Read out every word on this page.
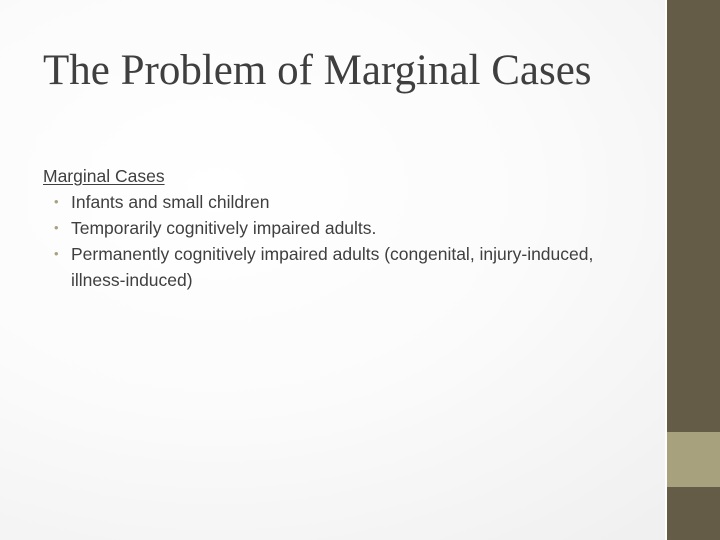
The Problem of Marginal Cases

Marginal Cases

• Infants and small children
• Temporarily cognitively impaired adults.
• Permanently cognitively impaired adults (congenital, injury-induced, illness-induced)
